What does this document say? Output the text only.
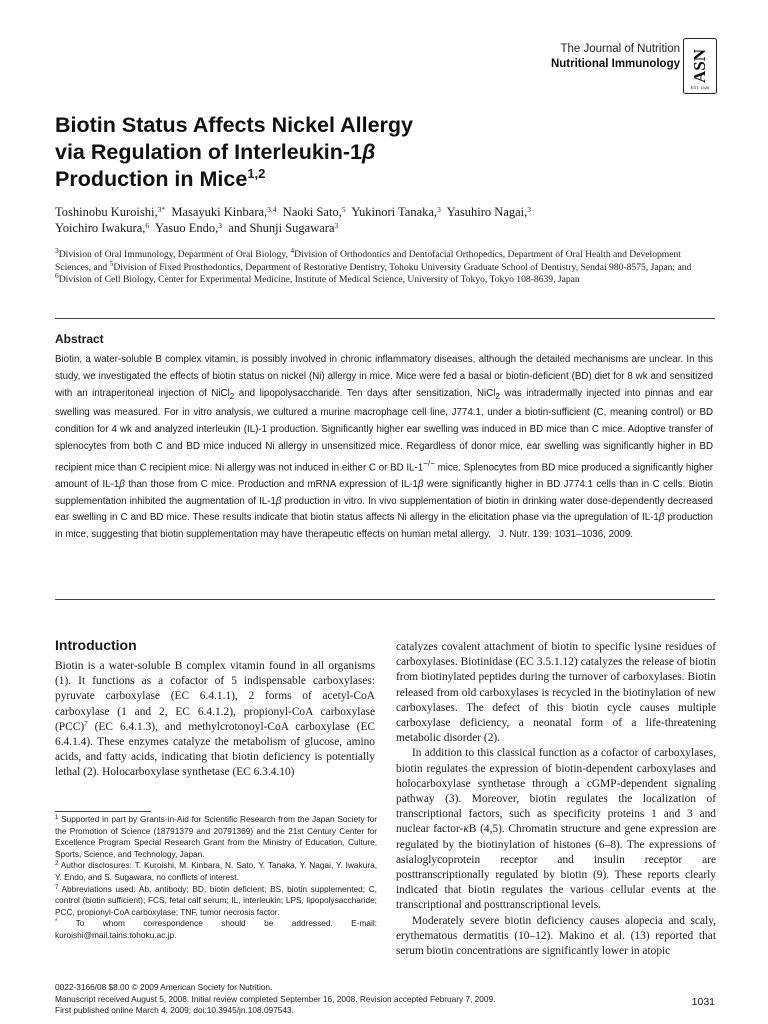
The Journal of Nutrition
Nutritional Immunology ASN
EST. 1928
Biotin Status Affects Nickel Allergy
via Regulation of Interleukin-1β
Production in Mice$^{1,2}$
Toshinobu Kuroishi,$^{3*}$ Masayuki Kinbara,$^{3,4}$ Naoki Sato,$^5$ Yukinori Tanaka,$^3$ Yasuhiro Nagai,$^3$
Yoichiro Iwakura,$^6$ Yasuo Endo,$^3$ and Shunji Sugawara$^3$
$^3$Division of Oral Immunology, Department of Oral Biology, $^4$Division of Orthodontics and Dentofacial Orthopedics, Department of Oral Health and Development Sciences, and $^5$Division of Fixed Prosthodontics, Department of Restorative Dentistry, Tohoku University Graduate School of Dentistry, Sendai 980-8575, Japan; and $^6$Division of Cell Biology, Center for Experimental Medicine, Institute of Medical Science, University of Tokyo, Tokyo 108-8639, Japan
Abstract
Biotin, a water-soluble B complex vitamin, is possibly involved in chronic inflammatory diseases, although the detailed mechanisms are unclear. In this study, we investigated the effects of biotin status on nickel (Ni) allergy in mice. Mice were fed a basal or biotin-deficient (BD) diet for 8 wk and sensitized with an intraperitoneal injection of NiCl$_2$ and lipopolysaccharide. Ten days after sensitization, NiCl$_2$ was intradermally injected into pinnas and ear swelling was measured. For in vitro analysis, we cultured a murine macrophage cell line, J774.1, under a biotin-sufficient (C, meaning control) or BD condition for 4 wk and analyzed interleukin (IL)-1 production. Significantly higher ear swelling was induced in BD mice than C mice. Adoptive transfer of splenocytes from both C and BD mice induced Ni allergy in unsensitized mice. Regardless of donor mice, ear swelling was significantly higher in BD recipient mice than C recipient mice. Ni allergy was not induced in either C or BD IL-1−/− mice. Splenocytes from BD mice produced a significantly higher amount of IL-1β than those from C mice. Production and mRNA expression of IL-1β were significantly higher in BD J774.1 cells than in C cells. Biotin supplementation inhibited the augmentation of IL-1β production in vitro. In vivo supplementation of biotin in drinking water dose-dependently decreased ear swelling in C and BD mice. These results indicate that biotin status affects Ni allergy in the elicitation phase via the upregulation of IL-1β production in mice, suggesting that biotin supplementation may have therapeutic effects on human metal allergy. J. Nutr. 139: 1031–1036, 2009.
Introduction

Biotin is a water-soluble B complex vitamin found in all organisms (1). It functions as a cofactor of 5 indispensable carboxylases: pyruvate carboxylase (EC 6.4.1.1), 2 forms of acetyl-CoA carboxylase (1 and 2, EC 6.4.1.2), propionyl-CoA carboxylase (PCC)$^7$ (EC 6.4.1.3), and methylcrotonoyl-CoA carboxylase (EC 6.4.1.4). These enzymes catalyze the metabolism of glucose, amino acids, and fatty acids, indicating that biotin deficiency is potentially lethal (2). Holocarboxylase synthetase (EC 6.3.4.10)

catalyzes covalent attachment of biotin to specific lysine residues of carboxylases. Biotinidase (EC 3.5.1.12) catalyzes the release of biotin from biotinylated peptides during the turnover of carboxylases. Biotin released from old carboxylases is recycled in the biotinylation of new carboxylases. The defect of this biotin cycle causes multiple carboxylase deficiency, a neonatal form of a life-threatening metabolic disorder (2).

In addition to this classical function as a cofactor of carboxylases, biotin regulates the expression of biotin-dependent carboxylases and holocarboxylase synthetase through a cGMP-dependent signaling pathway (3). Moreover, biotin regulates the localization of transcriptional factors, such as specificity proteins 1 and 3 and nuclear factor-κB (4,5). Chromatin structure and gene expression are regulated by the biotinylation of histones (6–8). The expressions of asialoglycoprotein receptor and insulin receptor are posttranscriptionally regulated by biotin (9). These reports clearly indicated that biotin regulates the various cellular events at the transcriptional and posttranscriptional levels.

Moderately severe biotin deficiency causes alopecia and scaly, erythematous dermatitis (10–12). Makino et al. (13) reported that serum biotin concentrations are significantly lower in atopic

$^1$ Supported in part by Grants-in-Aid for Scientific Research from the Japan Society for the Promotion of Science (18791379 and 20791369) and the 21st Century Center for Excellence Program Special Research Grant from the Ministry of Education, Culture, Sports, Science, and Technology, Japan.

$^2$ Author disclosures: T. Kuroishi, M. Kinbara, N. Sato, Y. Tanaka, Y. Nagai, Y. Iwakura, Y. Endo, and S. Sugawara, no conflicts of interest.

$^7$ Abbreviations used: Ab, antibody; BD, biotin deficient; BS, biotin supplemented; C, control (biotin sufficient); FCS, fetal calf serum; IL, interleukin; LPS, lipopolysaccharide; PCC, propionyl-CoA carboxylase; TNF, tumor necrosis factor.

* To whom correspondence should be addressed. E-mail: kuroishi@mail.tains.tohoku.ac.jp.

0022-3166/08 $8.00 © 2009 American Society for Nutrition.
Manuscript received August 5, 2008. Initial review completed September 16, 2008. Revision accepted February 7, 2009.
First published online March 4, 2009; doi:10.3945/jn.108.097543.
1031
